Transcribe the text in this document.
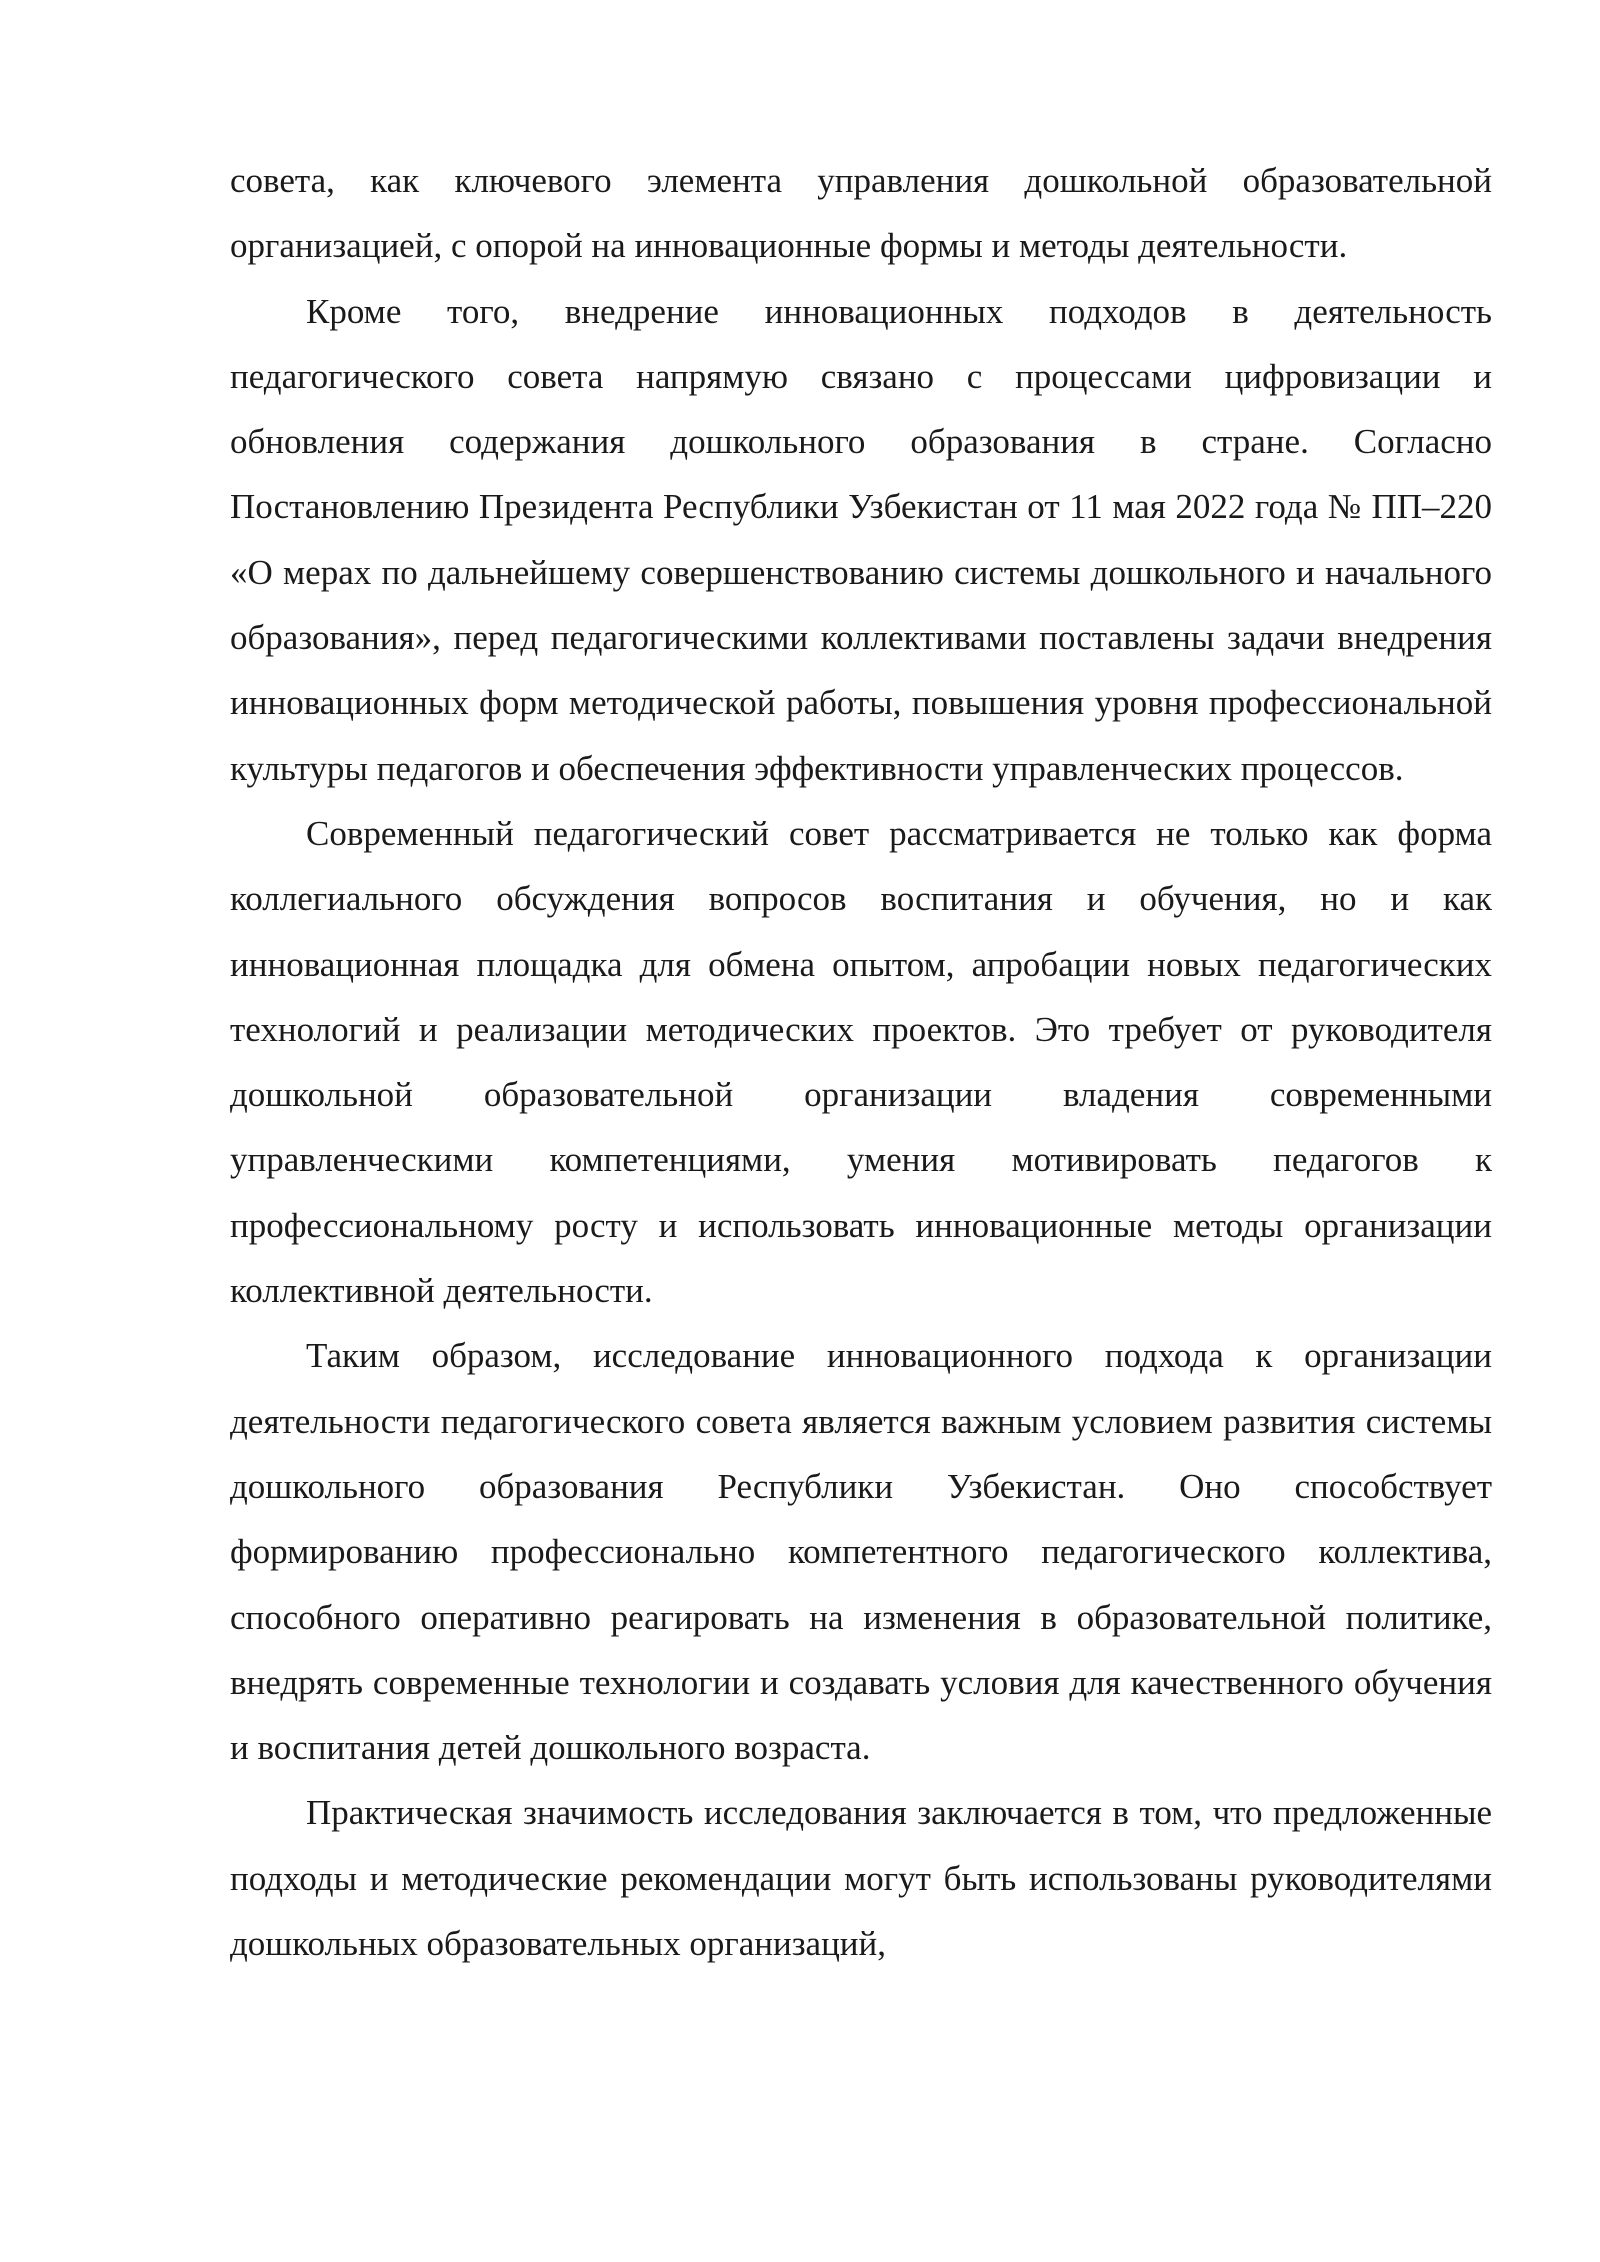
совета, как ключевого элемента управления дошкольной образовательной организацией, с опорой на инновационные формы и методы деятельности.

Кроме того, внедрение инновационных подходов в деятельность педагогического совета напрямую связано с процессами цифровизации и обновления содержания дошкольного образования в стране. Согласно Постановлению Президента Республики Узбекистан от 11 мая 2022 года № ПП–220 «О мерах по дальнейшему совершенствованию системы дошкольного и начального образования», перед педагогическими коллективами поставлены задачи внедрения инновационных форм методической работы, повышения уровня профессиональной культуры педагогов и обеспечения эффективности управленческих процессов.

Современный педагогический совет рассматривается не только как форма коллегиального обсуждения вопросов воспитания и обучения, но и как инновационная площадка для обмена опытом, апробации новых педагогических технологий и реализации методических проектов. Это требует от руководителя дошкольной образовательной организации владения современными управленческими компетенциями, умения мотивировать педагогов к профессиональному росту и использовать инновационные методы организации коллективной деятельности.

Таким образом, исследование инновационного подхода к организации деятельности педагогического совета является важным условием развития системы дошкольного образования Республики Узбекистан. Оно способствует формированию профессионально компетентного педагогического коллектива, способного оперативно реагировать на изменения в образовательной политике, внедрять современные технологии и создавать условия для качественного обучения и воспитания детей дошкольного возраста.

Практическая значимость исследования заключается в том, что предложенные подходы и методические рекомендации могут быть использованы руководителями дошкольных образовательных организаций,
